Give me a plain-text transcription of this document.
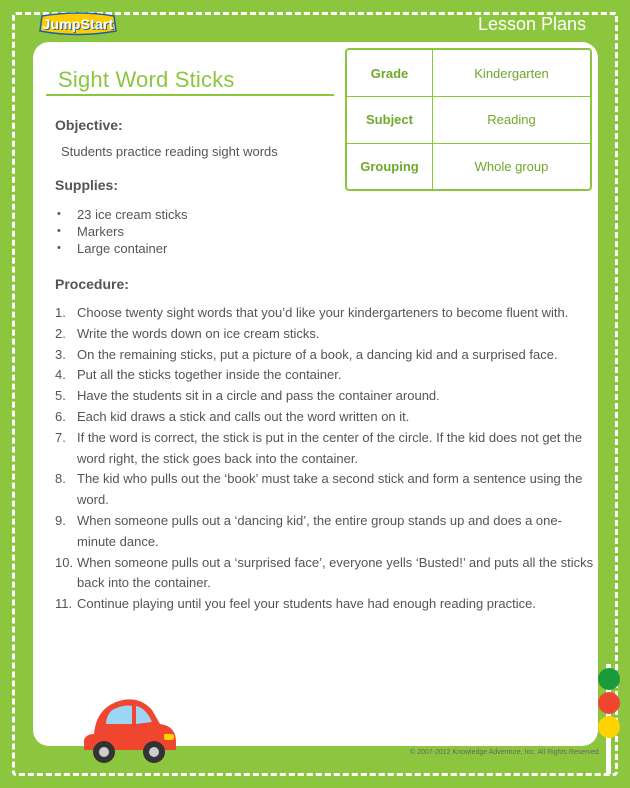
JumpStart	Lesson Plans
Sight Word Sticks	Grade	Kindergarten
Subject	Reading
Grouping	Whole group
Objective:
Students practice reading sight words
Supplies:
•	23 ice cream sticks
•	Markers
•	Large container
Procedure:
1. Choose twenty sight words that you’d like your kindergarteners to become fluent with.
2. Write the words down on ice cream sticks.
3. On the remaining sticks, put a picture of a book, a dancing kid and a surprised face.
4. Put all the sticks together inside the container.
5. Have the students sit in a circle and pass the container around.
6. Each kid draws a stick and calls out the word written on it.
7. If the word is correct, the stick is put in the center of the circle. If the kid does not get the word right, the stick goes back into the container.
8. The kid who pulls out the ‘book’ must take a second stick and form a sentence using the word.
9. When someone pulls out a ‘dancing kid’, the entire group stands up and does a one-minute dance.
10. When someone pulls out a ‘surprised face’, everyone yells ‘Busted!’ and puts all the sticks back into the container.
11. Continue playing until you feel your students have had enough reading practice.
© 2007-2012 Knowledge Adventure, Inc. All Rights Reserved.
